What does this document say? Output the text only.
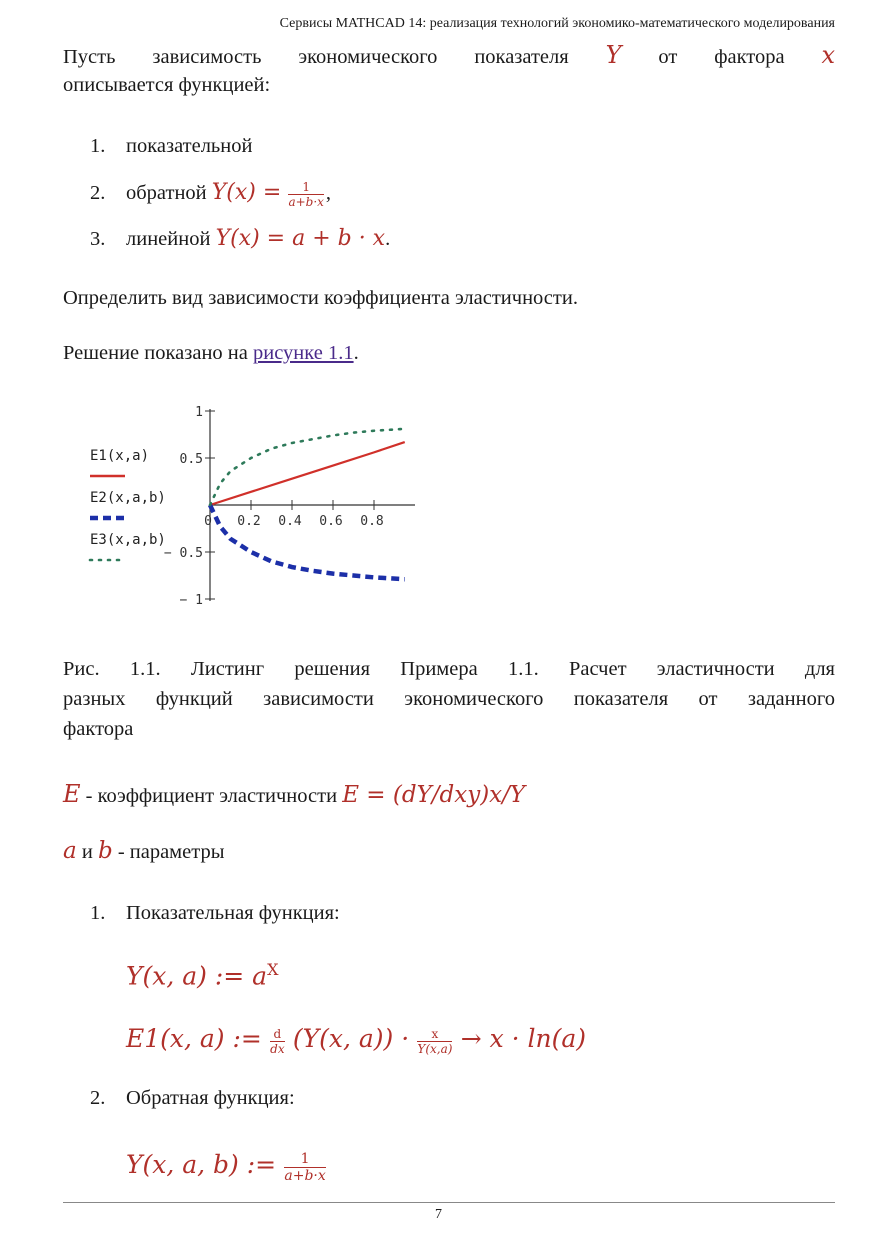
Сервисы MATHCAD 14: реализация технологий экономико-математического моделирования
Пусть зависимость экономического показателя Y от фактора x
описывается функцией:
1. показательной
2. обратной $Y(x) = \frac{1}{a+b\cdot x}$ ,
3. линейной Y(x) = a + b · x.
Определить вид зависимости коэффициента эластичности.
Решение показано на рисунке 1.1.
0 0.2 0.4 0.6 0.8
1
0.5
− 0.5
− 1
E1(x,a)
E2(x,a,b)
E3(x,a,b)
Рис. 1.1. Листинг решения Примера 1.1. Расчет эластичности для
разных функций зависимости экономического показателя от заданного
фактора
E - коэффициент эластичности E = (dY/dxy)x/Y
a и b - параметры
1. Показательная функция:
Y(x, a) := $a^X$
E1(x, a) := $\frac{d}{dx} (Y(x$, $a)) \cdot \frac{x}{Y(x,a)} \to x \cdot \ln(a)$
2. Обратная функция:
Y(x, a, b) := $\frac{1}{a+b\cdot x}$
7
